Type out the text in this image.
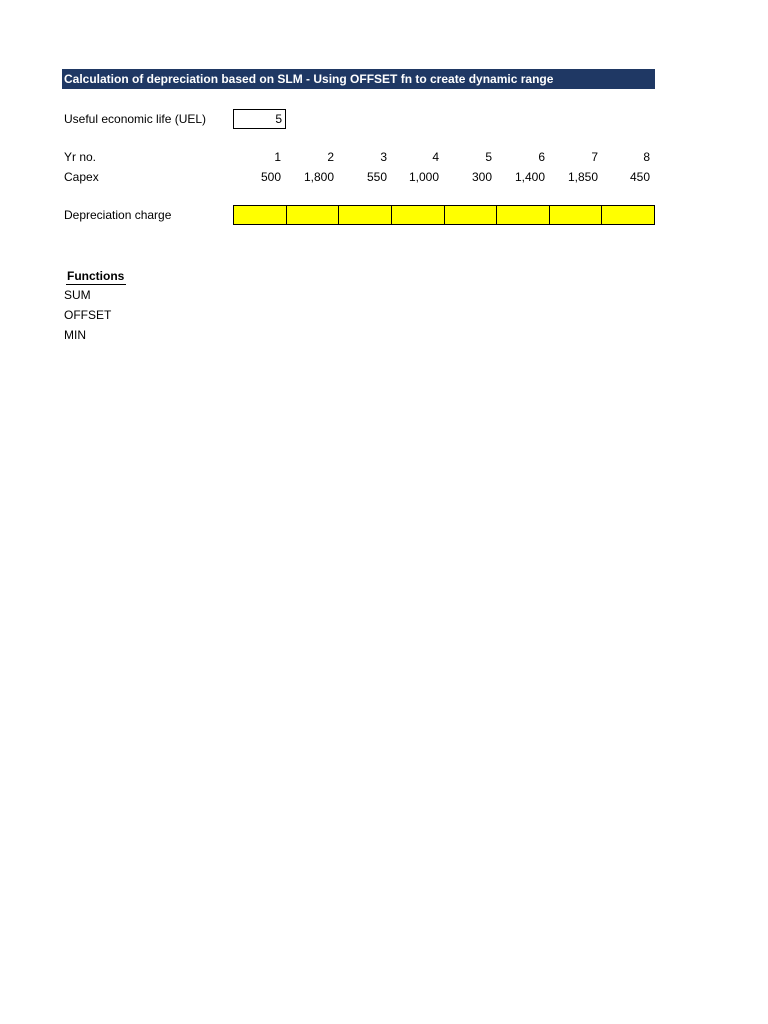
Calculation of depreciation based on SLM - Using OFFSET fn to create dynamic range
Useful economic life (UEL)	5
Yr no.	1	2	3	4	5	6	7	8
Capex	500	1,800	550	1,000	300	1,400	1,850	450
Depreciation charge
Functions
SUM
OFFSET
MIN
